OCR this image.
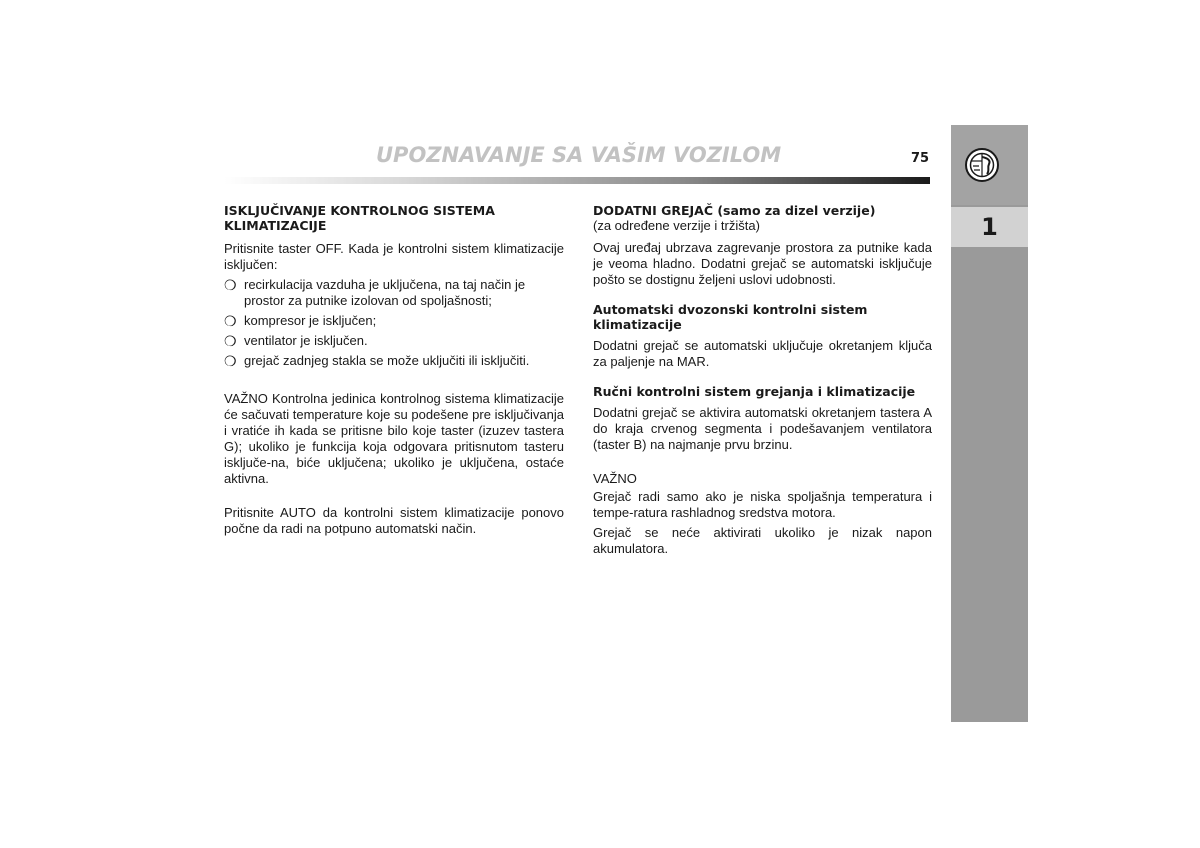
UPOZNAVANJE SA VAŠIM VOZILOM	75
1
ISKLJUČIVANJE KONTROLNOG SISTEMA KLIMATIZACIJE

Pritisnite taster OFF. Kada je kontrolni sistem klimatizacije isključen:

❍ recirkulacija vazduha je uključena, na taj način je prostor za putnike izolovan od spoljašnosti;
❍ kompresor je isključen;
❍ ventilator je isključen.
❍ grejač zadnjeg stakla se može uključiti ili isključiti.

VAŽNO Kontrolna jedinica kontrolnog sistema klimatizacije će sačuvati temperature koje su podešene pre isključivanja i vratiće ih kada se pritisne bilo koje taster (izuzev tastera G); ukoliko je funkcija koja odgovara pritisnutom tasteru isključe-na, biće uključena; ukoliko je uključena, ostaće aktivna.

Pritisnite AUTO da kontrolni sistem klimatizacije ponovo počne da radi na potpuno automatski način.

DODATNI GREJAČ (samo za dizel verzije)

(za određene verzije i tržišta)

Ovaj uređaj ubrzava zagrevanje prostora za putnike kada je veoma hladno. Dodatni grejač se automatski isključuje pošto se dostignu željeni uslovi udobnosti.

Automatski dvozonski kontrolni sistem klimatizacije

Dodatni grejač se automatski uključuje okretanjem ključa za paljenje na MAR.

Ručni kontrolni sistem grejanja i klimatizacije

Dodatni grejač se aktivira automatski okretanjem tastera A do kraja crvenog segmenta i podešavanjem ventilatora (taster B) na najmanje prvu brzinu.

VAŽNO

Grejač radi samo ako je niska spoljašnja temperatura i tempe-ratura rashladnog sredstva motora.

Grejač se neće aktivirati ukoliko je nizak napon akumulatora.
